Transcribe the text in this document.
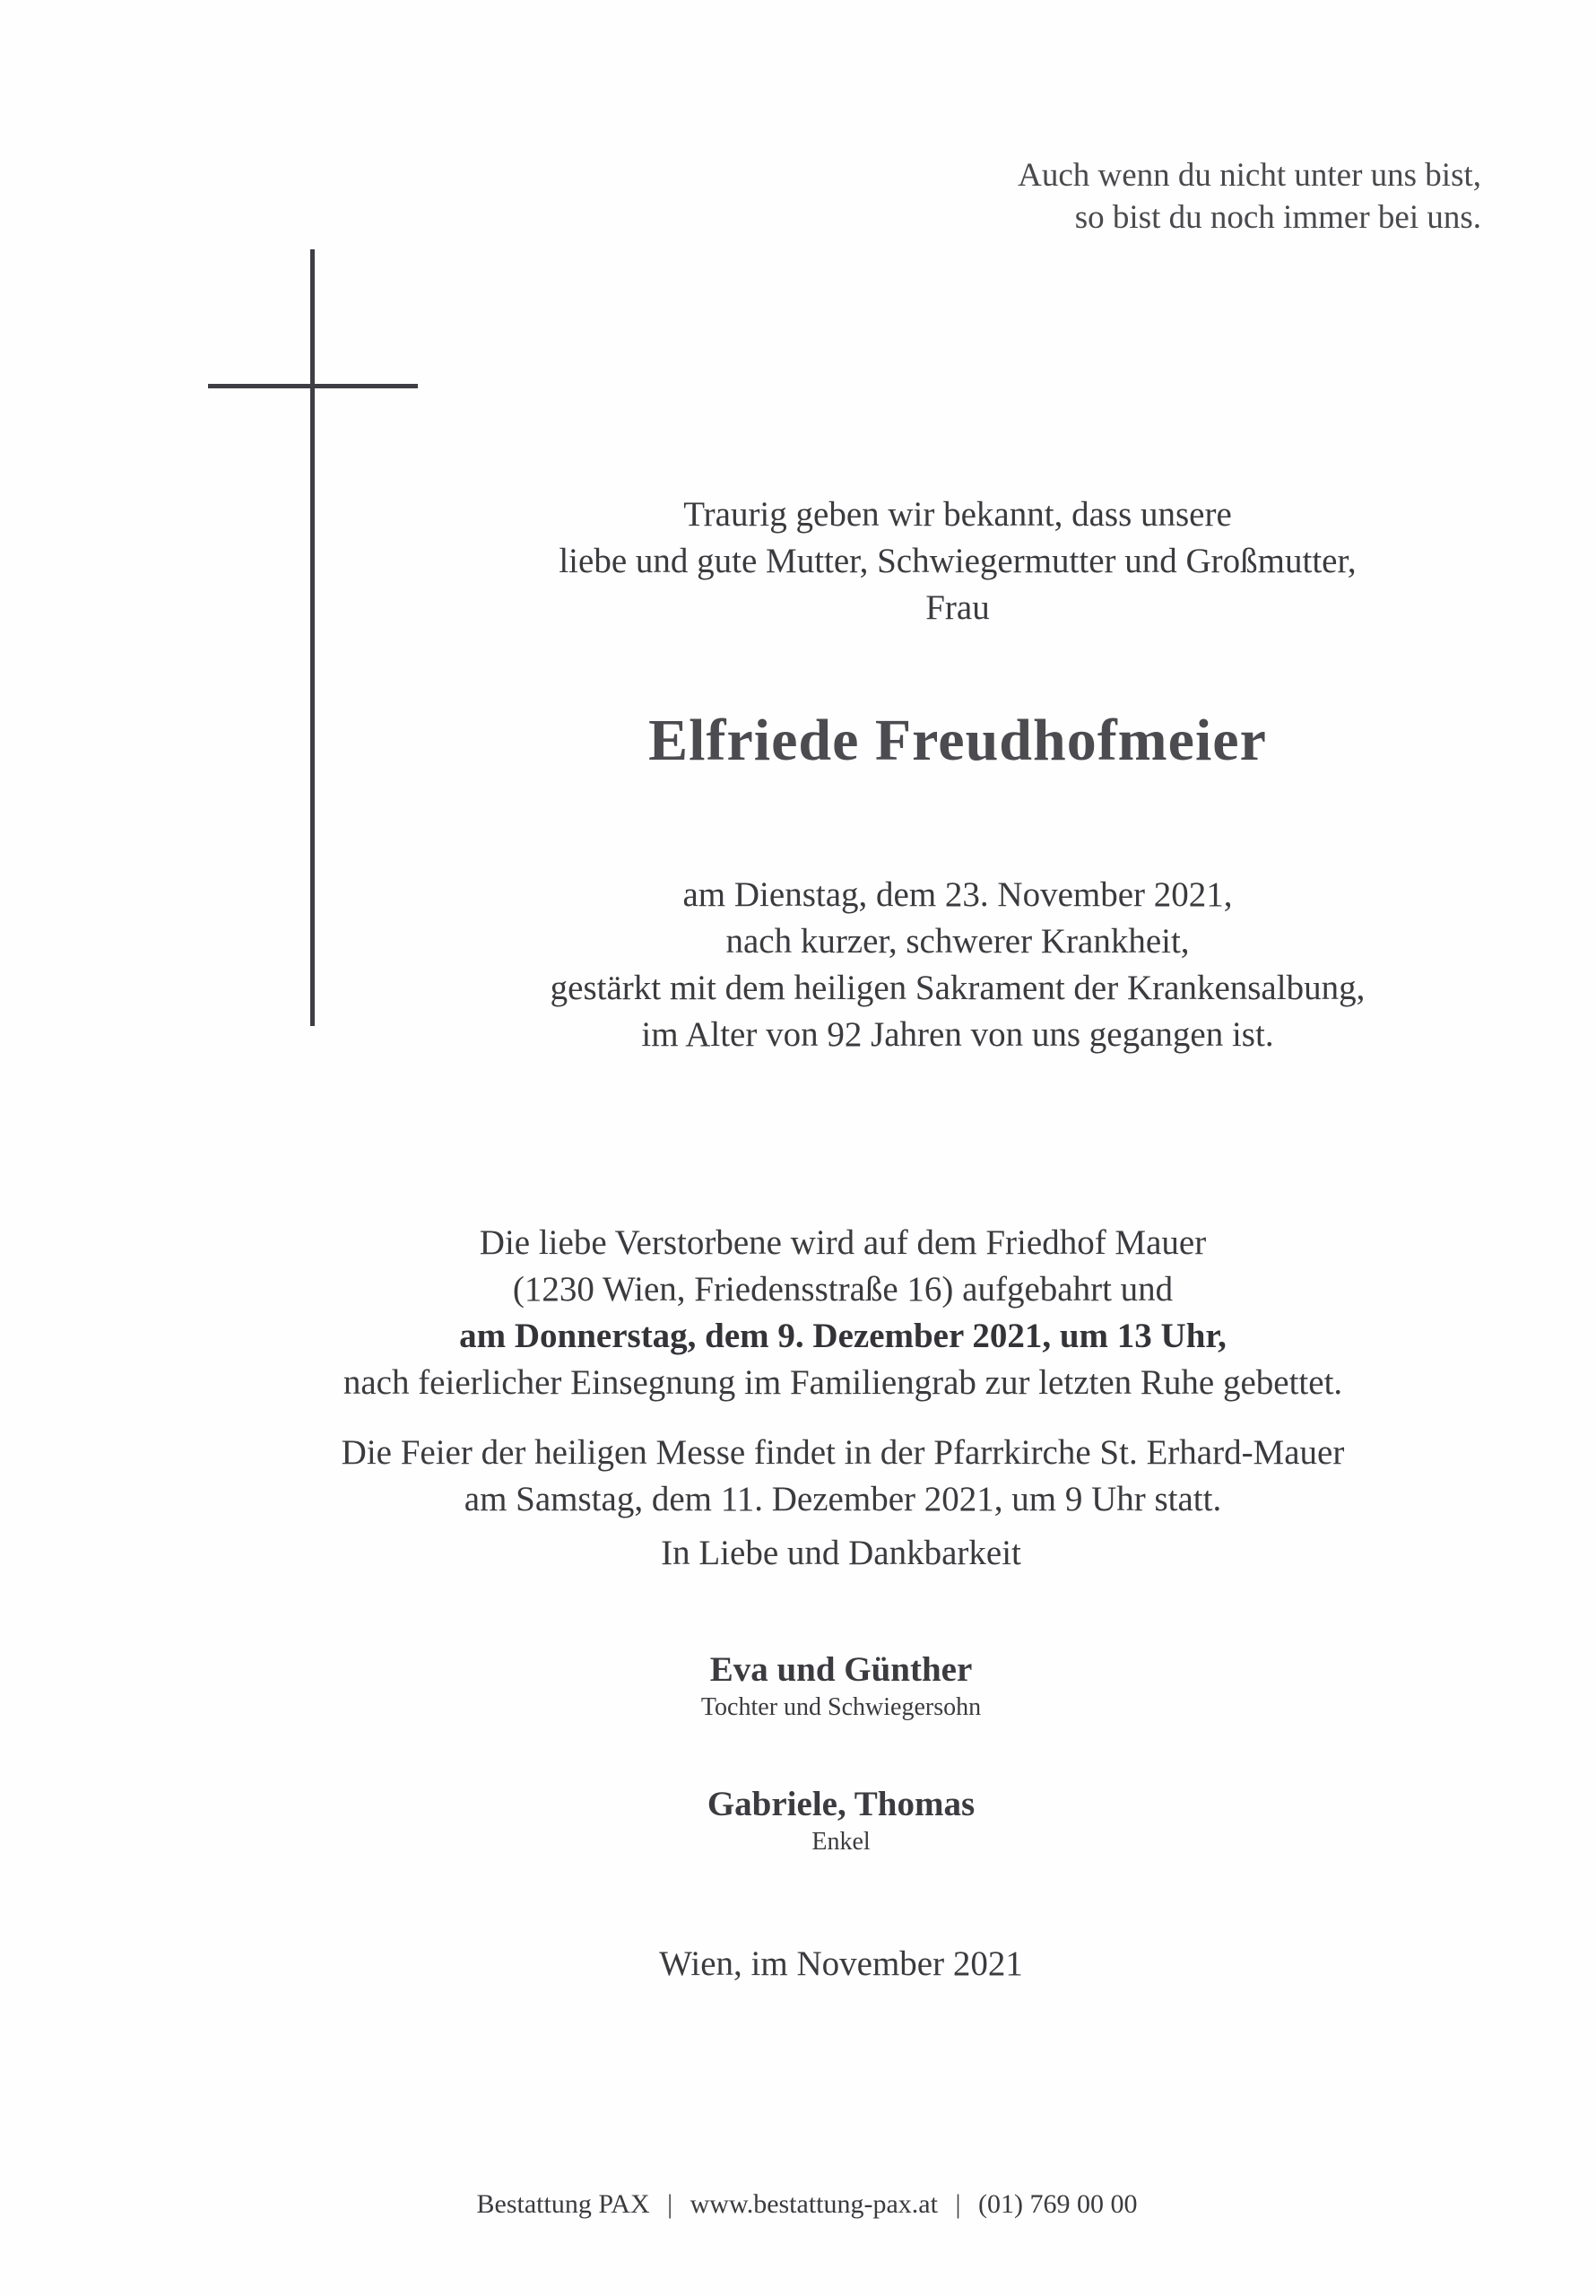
Auch wenn du nicht unter uns bist,
so bist du noch immer bei uns.
Traurig geben wir bekannt, dass unsere
liebe und gute Mutter, Schwiegermutter und Großmutter,
Frau
Elfriede Freudhofmeier
am Dienstag, dem 23. November 2021,
nach kurzer, schwerer Krankheit,
gestärkt mit dem heiligen Sakrament der Krankensalbung,
im Alter von 92 Jahren von uns gegangen ist.
Die liebe Verstorbene wird auf dem Friedhof Mauer
(1230 Wien, Friedensstraße 16) aufgebahrt und
am Donnerstag, dem 9. Dezember 2021, um 13 Uhr,
nach feierlicher Einsegnung im Familiengrab zur letzten Ruhe gebettet.
Die Feier der heiligen Messe findet in der Pfarrkirche St. Erhard-Mauer
am Samstag, dem 11. Dezember 2021, um 9 Uhr statt.
In Liebe und Dankbarkeit
Eva und Günther
Tochter und Schwiegersohn
Gabriele, Thomas
Enkel
Wien, im November 2021
Bestattung PAX | www.bestattung-pax.at | (01) 769 00 00
